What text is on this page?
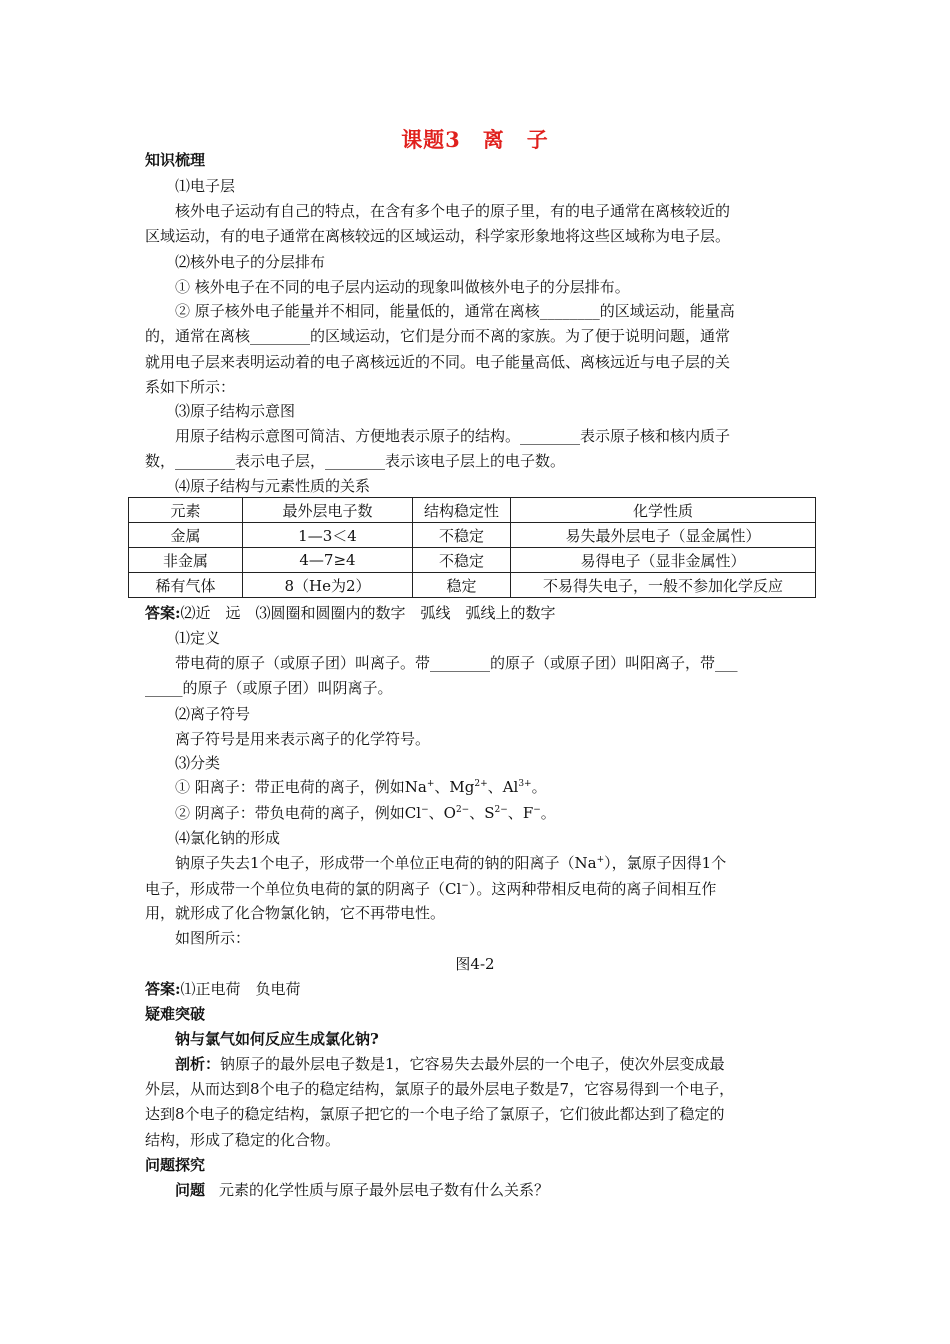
课题3　离　子
知识梳理
⑴电子层
核外电子运动有自己的特点，在含有多个电子的原子里，有的电子通常在离核较近的
区域运动，有的电子通常在离核较远的区域运动，科学家形象地将这些区域称为电子层。
⑵核外电子的分层排布
① 核外电子在不同的电子层内运动的现象叫做核外电子的分层排布。
② 原子核外电子能量并不相同，能量低的，通常在离核________的区域运动，能量高
的，通常在离核________的区域运动，它们是分而不离的家族。为了便于说明问题，通常
就用电子层来表明运动着的电子离核远近的不同。电子能量高低、离核远近与电子层的关
系如下所示：
⑶原子结构示意图
用原子结构示意图可简洁、方便地表示原子的结构。________表示原子核和核内质子
数，________表示电子层，________表示该电子层上的电子数。
⑷原子结构与元素性质的关系
元素	最外层电子数	结构稳定性	化学性质
金属	1—3＜4	不稳定	易失最外层电子（显金属性）
非金属	4—7≥4	不稳定	易得电子（显非金属性）
稀有气体	8（He为2）	稳定	不易得失电子，一般不参加化学反应
答案:⑵近　远　⑶圆圈和圆圈内的数字　弧线　弧线上的数字
⑴定义
带电荷的原子（或原子团）叫离子。带________的原子（或原子团）叫阳离子，带___
_____的原子（或原子团）叫阴离子。
⑵离子符号
离子符号是用来表示离子的化学符号。
⑶分类
① 阳离子：带正电荷的离子，例如Na+、$Mg^{2+}$、$Al^{3+}$。
② 阴离子：带负电荷的离子，例如Cl−、$O^{2-}$、$S^{2-}$、F−。
⑷氯化钠的形成
钠原子失去1个电子，形成带一个单位正电荷的钠的阳离子（Na+），氯原子因得1个
电子，形成带一个单位负电荷的氯的阴离子（Cl−）。这两种带相反电荷的离子间相互作
用，就形成了化合物氯化钠，它不再带电性。
如图所示：
图4-2
答案:⑴正电荷　负电荷
疑难突破
钠与氯气如何反应生成氯化钠?
剖析：钠原子的最外层电子数是1，它容易失去最外层的一个电子，使次外层变成最
外层，从而达到8个电子的稳定结构，氯原子的最外层电子数是7，它容易得到一个电子，
达到8个电子的稳定结构，氯原子把它的一个电子给了氯原子，它们彼此都达到了稳定的
结构，形成了稳定的化合物。
问题探究
问题 元素的化学性质与原子最外层电子数有什么关系？
